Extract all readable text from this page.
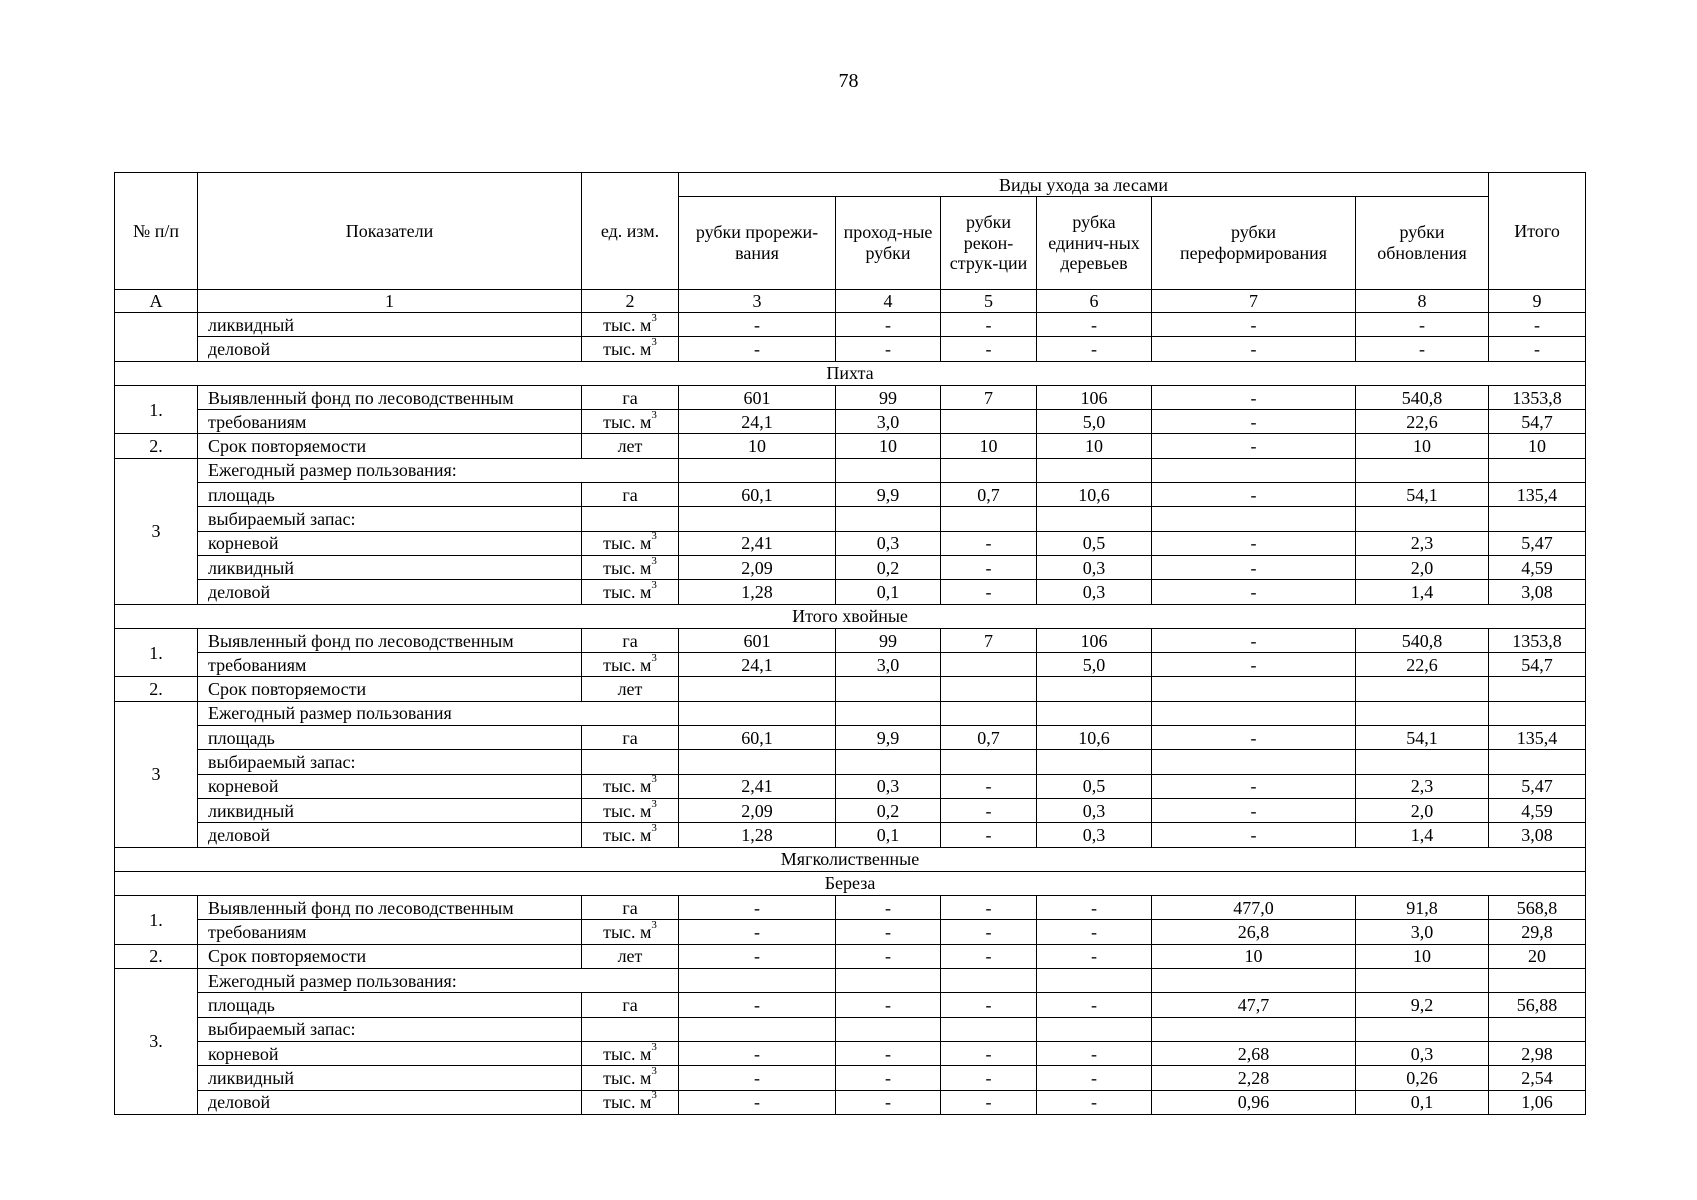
78
№ п/п	Показатели	ед. изм.	Виды ухода за лесами						Итого
			рубки прорежи-вания	проход-ные рубки	рубки рекон-струк-ции	рубка единич-ных деревьев	рубки переформирования	рубки обновления	
А	1	2	3	4	5	6	7	8	9
	ликвидный	тыс. $м^3$	-	-	-	-	-	-	-
	деловой	тыс. $м^3$	-	-	-	-	-	-	-
Пихта									
1.	Выявленный фонд по лесоводственным	га	601	99	7	106	-	540,8	1353,8
	требованиям	тыс. $м^3$	24,1	3,0		5,0	-	22,6	54,7
2.	Срок повторяемости	лет	10	10	10	10	-	10	10
3	Ежегодный размер пользования:								
	площадь	га	60,1	9,9	0,7	10,6	-	54,1	135,4
	выбираемый запас:								
	корневой	тыс. $м^3$	2,41	0,3	-	0,5	-	2,3	5,47
	ликвидный	тыс. $м^3$	2,09	0,2	-	0,3	-	2,0	4,59
	деловой	тыс. $м^3$	1,28	0,1	-	0,3	-	1,4	3,08
Итого хвойные									
1.	Выявленный фонд по лесоводственным	га	601	99	7	106	-	540,8	1353,8
	требованиям	тыс. $м^3$	24,1	3,0		5,0	-	22,6	54,7
2.	Срок повторяемости	лет							
3	Ежегодный размер пользования								
	площадь	га	60,1	9,9	0,7	10,6	-	54,1	135,4
	выбираемый запас:								
	корневой	тыс. $м^3$	2,41	0,3	-	0,5	-	2,3	5,47
	ликвидный	тыс. $м^3$	2,09	0,2	-	0,3	-	2,0	4,59
	деловой	тыс. $м^3$	1,28	0,1	-	0,3	-	1,4	3,08
Мягколиственные									
Береза									
1.	Выявленный фонд по лесоводственным	га	-	-	-	-	477,0	91,8	568,8
	требованиям	тыс. $м^3$	-	-	-	-	26,8	3,0	29,8
2.	Срок повторяемости	лет	-	-	-	-	10	10	20
3.	Ежегодный размер пользования:								
	площадь	га	-	-	-	-	47,7	9,2	56,88
	выбираемый запас:								
	корневой	тыс. $м^3$	-	-	-	-	2,68	0,3	2,98
	ликвидный	тыс. $м^3$	-	-	-	-	2,28	0,26	2,54
	деловой	тыс. $м^3$	-	-	-	-	0,96	0,1	1,06
